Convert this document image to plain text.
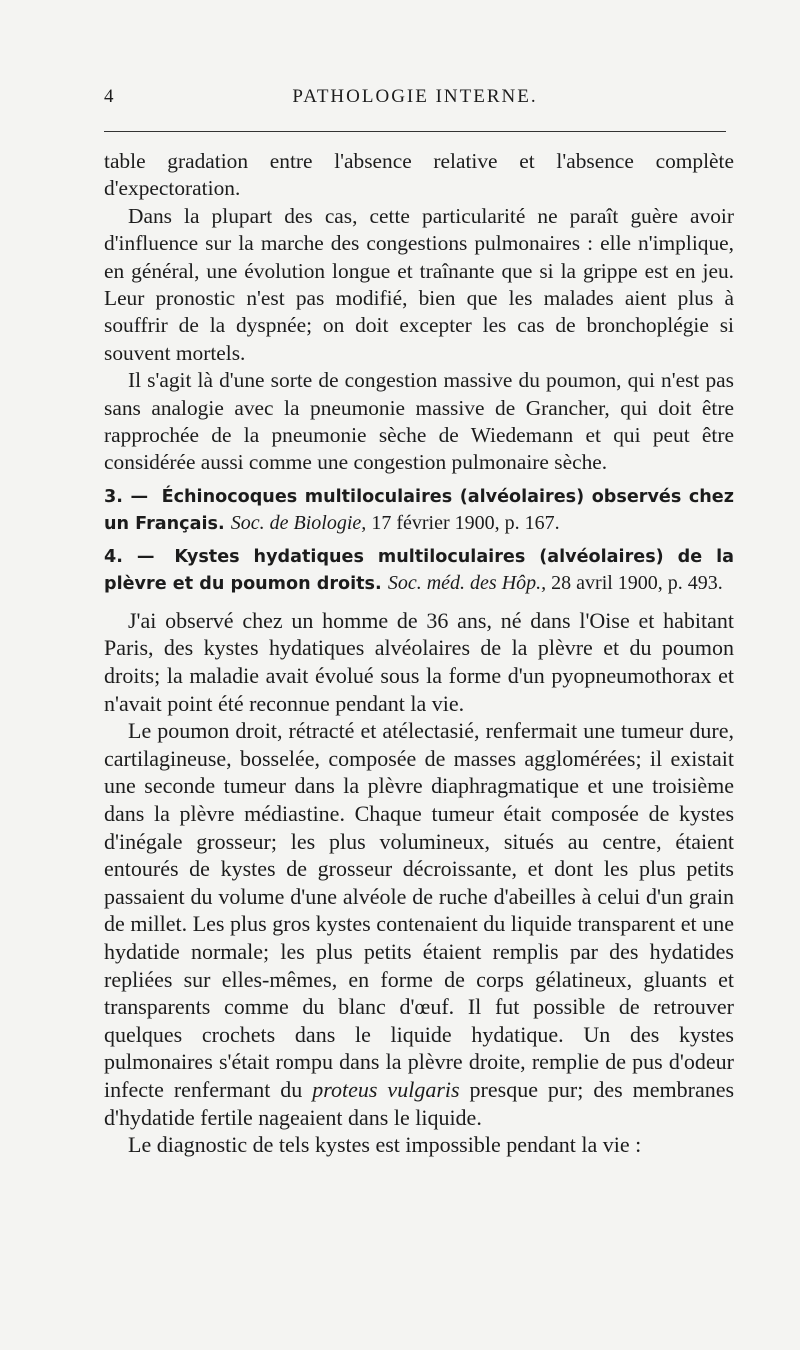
4	PATHOLOGIE INTERNE.

table gradation entre l'absence relative et l'absence complète d'expectoration.

Dans la plupart des cas, cette particularité ne paraît guère avoir d'influence sur la marche des congestions pulmonaires : elle n'implique, en général, une évolution longue et traînante que si la grippe est en jeu. Leur pronostic n'est pas modifié, bien que les malades aient plus à souffrir de la dyspnée; on doit excepter les cas de bronchoplégie si souvent mortels.

Il s'agit là d'une sorte de congestion massive du poumon, qui n'est pas sans analogie avec la pneumonie massive de Grancher, qui doit être rapprochée de la pneumonie sèche de Wiedemann et qui peut être considérée aussi comme une congestion pulmonaire sèche.

3. — Échinocoques multiloculaires (alvéolaires) observés chez un Français. Soc. de Biologie, 17 février 1900, p. 167.

4. — Kystes hydatiques multiloculaires (alvéolaires) de la plèvre et du poumon droits. Soc. méd. des Hôp., 28 avril 1900, p. 493.

J'ai observé chez un homme de 36 ans, né dans l'Oise et habitant Paris, des kystes hydatiques alvéolaires de la plèvre et du poumon droits; la maladie avait évolué sous la forme d'un pyopneumothorax et n'avait point été reconnue pendant la vie.

Le poumon droit, rétracté et atélectasié, renfermait une tumeur dure, cartilagineuse, bosselée, composée de masses agglomérées; il existait une seconde tumeur dans la plèvre diaphragmatique et une troisième dans la plèvre médiastine. Chaque tumeur était composée de kystes d'inégale grosseur; les plus volumineux, situés au centre, étaient entourés de kystes de grosseur décroissante, et dont les plus petits passaient du volume d'une alvéole de ruche d'abeilles à celui d'un grain de millet. Les plus gros kystes contenaient du liquide transparent et une hydatide normale; les plus petits étaient remplis par des hydatides repliées sur elles-mêmes, en forme de corps gélatineux, gluants et transparents comme du blanc d'œuf. Il fut possible de retrouver quelques crochets dans le liquide hydatique. Un des kystes pulmonaires s'était rompu dans la plèvre droite, remplie de pus d'odeur infecte renfermant du proteus vulgaris presque pur; des membranes d'hydatide fertile nageaient dans le liquide.

Le diagnostic de tels kystes est impossible pendant la vie :
